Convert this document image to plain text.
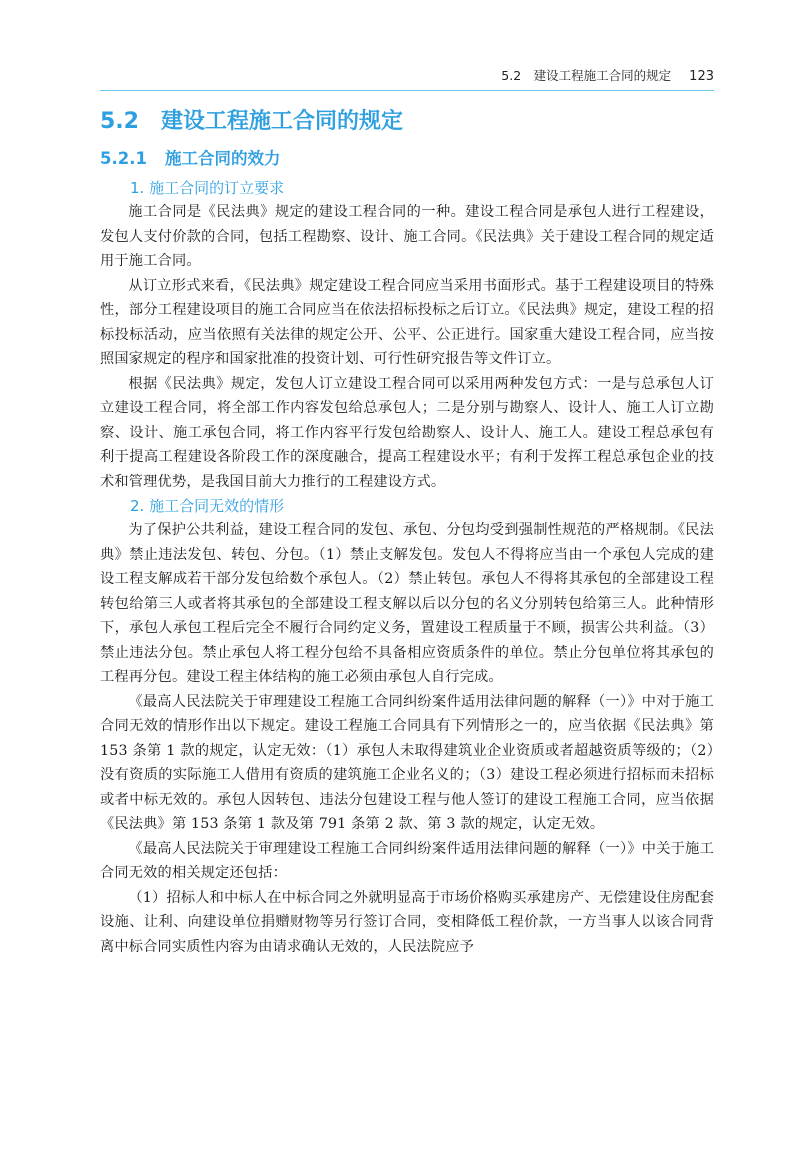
5.2　建设工程施工合同的规定 123
5.2 建设工程施工合同的规定
5.2.1 施工合同的效力
1. 施工合同的订立要求

施工合同是《民法典》规定的建设工程合同的一种。建设工程合同是承包人进行工程建设，发包人支付价款的合同，包括工程勘察、设计、施工合同。《民法典》关于建设工程合同的规定适用于施工合同。

从订立形式来看，《民法典》规定建设工程合同应当采用书面形式。基于工程建设项目的特殊性，部分工程建设项目的施工合同应当在依法招标投标之后订立。《民法典》规定，建设工程的招标投标活动，应当依照有关法律的规定公开、公平、公正进行。国家重大建设工程合同，应当按照国家规定的程序和国家批准的投资计划、可行性研究报告等文件订立。

根据《民法典》规定，发包人订立建设工程合同可以采用两种发包方式：一是与总承包人订立建设工程合同，将全部工作内容发包给总承包人；二是分别与勘察人、设计人、施工人订立勘察、设计、施工承包合同，将工作内容平行发包给勘察人、设计人、施工人。建设工程总承包有利于提高工程建设各阶段工作的深度融合，提高工程建设水平；有利于发挥工程总承包企业的技术和管理优势，是我国目前大力推行的工程建设方式。

2. 施工合同无效的情形

为了保护公共利益，建设工程合同的发包、承包、分包均受到强制性规范的严格规制。《民法典》禁止违法发包、转包、分包。（1）禁止支解发包。发包人不得将应当由一个承包人完成的建设工程支解成若干部分发包给数个承包人。（2）禁止转包。承包人不得将其承包的全部建设工程转包给第三人或者将其承包的全部建设工程支解以后以分包的名义分别转包给第三人。此种情形下，承包人承包工程后完全不履行合同约定义务，置建设工程质量于不顾，损害公共利益。（3）禁止违法分包。禁止承包人将工程分包给不具备相应资质条件的单位。禁止分包单位将其承包的工程再分包。建设工程主体结构的施工必须由承包人自行完成。

《最高人民法院关于审理建设工程施工合同纠纷案件适用法律问题的解释（一）》中对于施工合同无效的情形作出以下规定。建设工程施工合同具有下列情形之一的，应当依据《民法典》第 153 条第 1 款的规定，认定无效：（1）承包人未取得建筑业企业资质或者超越资质等级的；（2）没有资质的实际施工人借用有资质的建筑施工企业名义的；（3）建设工程必须进行招标而未招标或者中标无效的。承包人因转包、违法分包建设工程与他人签订的建设工程施工合同，应当依据《民法典》第 153 条第 1 款及第 791 条第 2 款、第 3 款的规定，认定无效。

《最高人民法院关于审理建设工程施工合同纠纷案件适用法律问题的解释（一）》中关于施工合同无效的相关规定还包括：

（1）招标人和中标人在中标合同之外就明显高于市场价格购买承建房产、无偿建设住房配套设施、让利、向建设单位捐赠财物等另行签订合同，变相降低工程价款，一方当事人以该合同背离中标合同实质性内容为由请求确认无效的，人民法院应予
